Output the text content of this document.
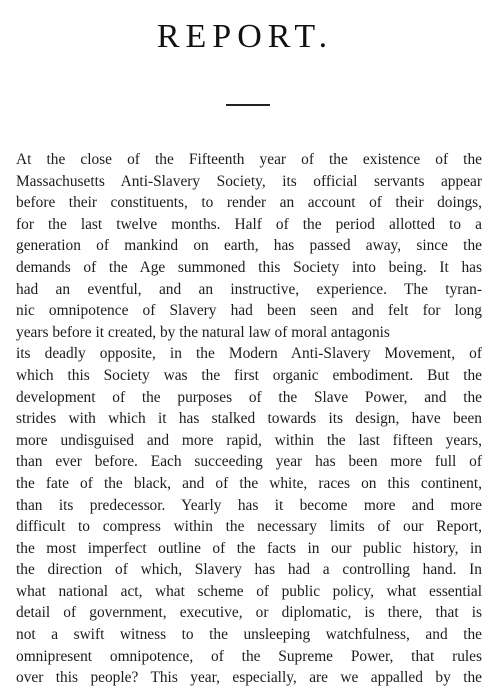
REPORT.
At the close of the Fifteenth year of the existence of the
Massachusetts Anti-Slavery Society, its official servants appear
before their constituents, to render an account of their doings,
for the last twelve months. Half of the period allotted to a
generation of mankind on earth, has passed away, since the
demands of the Age summoned this Society into being. It has
had an eventful, and an instructive, experience. The tyran-
nic omnipotence of Slavery had been seen and felt for long
years before it created, by the natural law of moral antagonis
its deadly opposite, in the Modern Anti-Slavery Movement, of
which this Society was the first organic embodiment. But the
development of the purposes of the Slave Power, and the
strides with which it has stalked towards its design, have been
more undisguised and more rapid, within the last fifteen years,
than ever before. Each succeeding year has been more full of
the fate of the black, and of the white, races on this continent,
than its predecessor. Yearly has it become more and more
difficult to compress within the necessary limits of our Report,
the most imperfect outline of the facts in our public history, in
the direction of which, Slavery has had a controlling hand. In
what national act, what scheme of public policy, what essential
detail of government, executive, or diplomatic, is there, that is
not a swift witness to the unsleeping watchfulness, and the
omnipresent omnipotence, of the Supreme Power, that rules
over this people? This year, especially, are we appalled by the
